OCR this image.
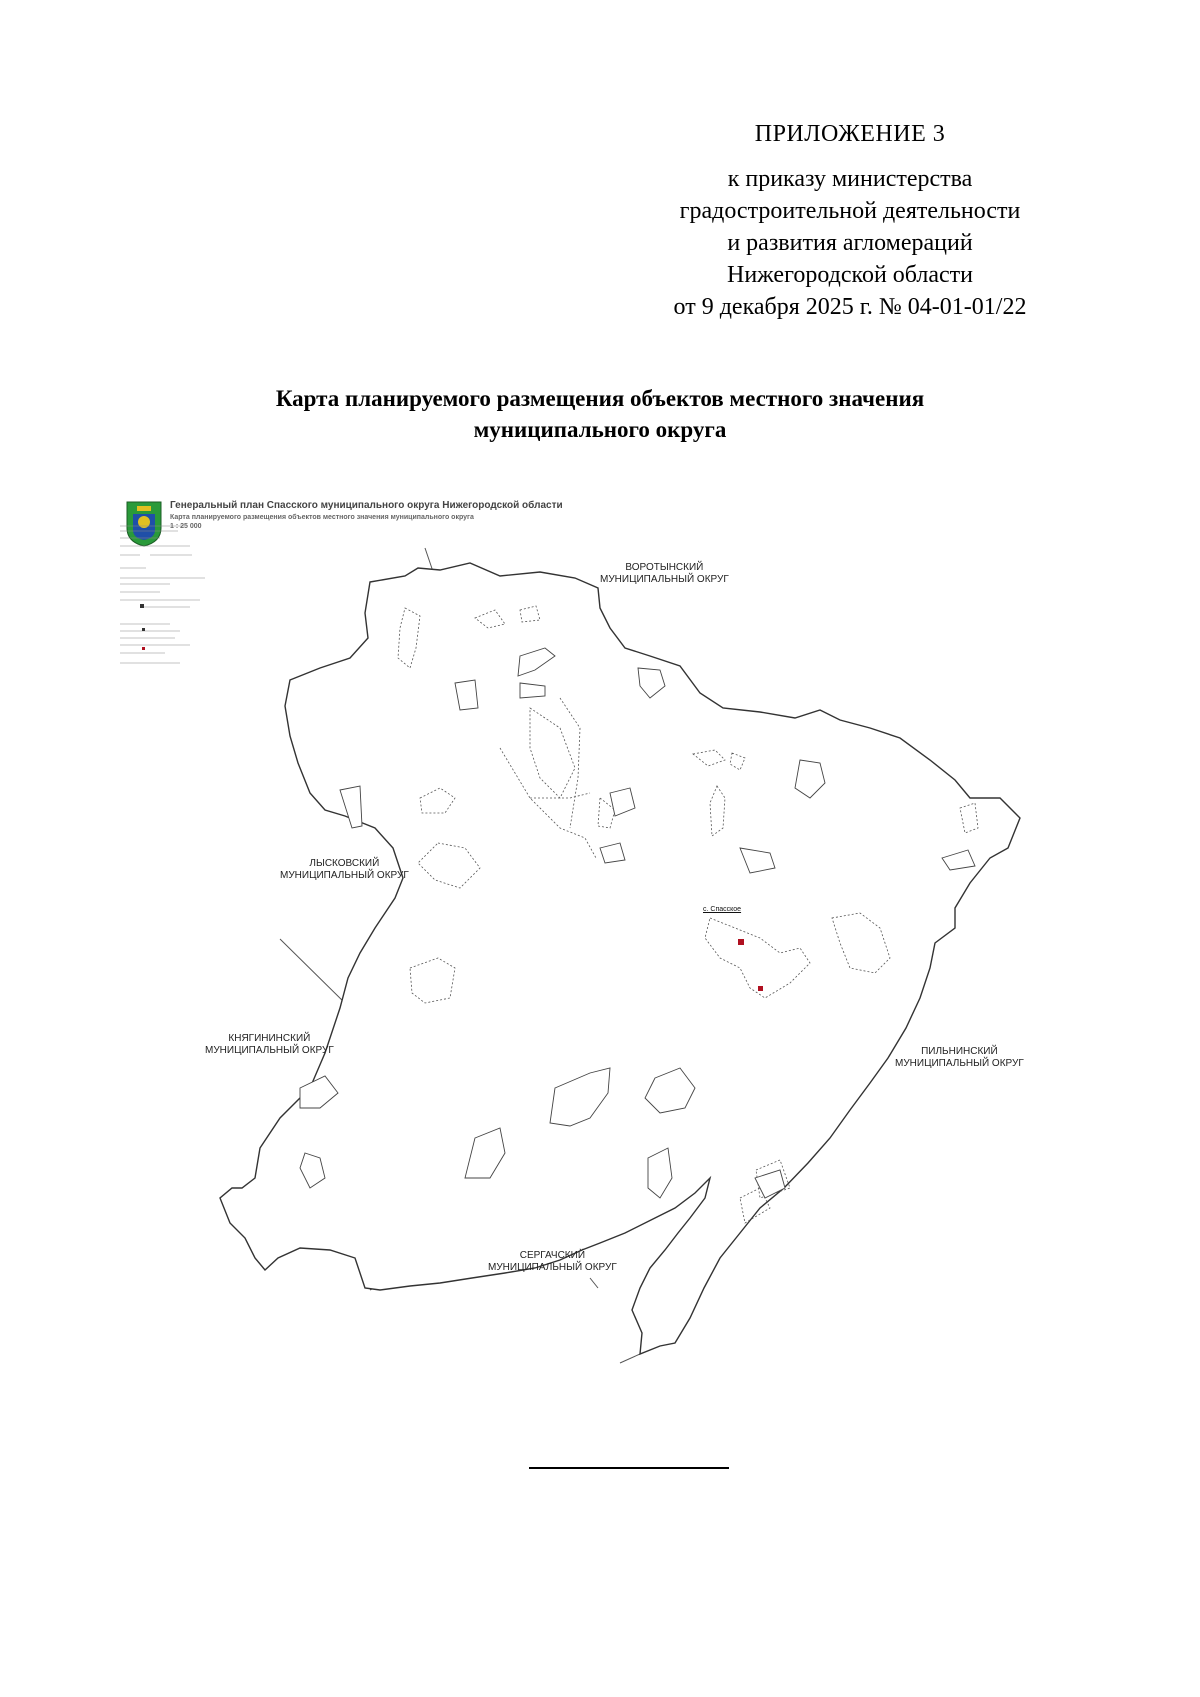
ПРИЛОЖЕНИЕ 3
к приказу министерства
градостроительной деятельности
и развития агломераций
Нижегородской области
от 9 декабря 2025 г. № 04-01-01/22
Карта планируемого размещения объектов местного значения
муниципального округа
Генеральный план Спасского муниципального округа Нижегородской области
Карта планируемого размещения объектов местного значения муниципального округа
1 : 25 000
ВОРОТЫНСКИЙ
МУНИЦИПАЛЬНЫЙ ОКРУГ
ЛЫСКОВСКИЙ
МУНИЦИПАЛЬНЫЙ ОКРУГ
КНЯГИНИНСКИЙ
МУНИЦИПАЛЬНЫЙ ОКРУГ	ПИЛЬНИНСКИЙ
МУНИЦИПАЛЬНЫЙ ОКРУГ
СЕРГАЧСКИЙ
МУНИЦИПАЛЬНЫЙ ОКРУГ
с. Спасское
